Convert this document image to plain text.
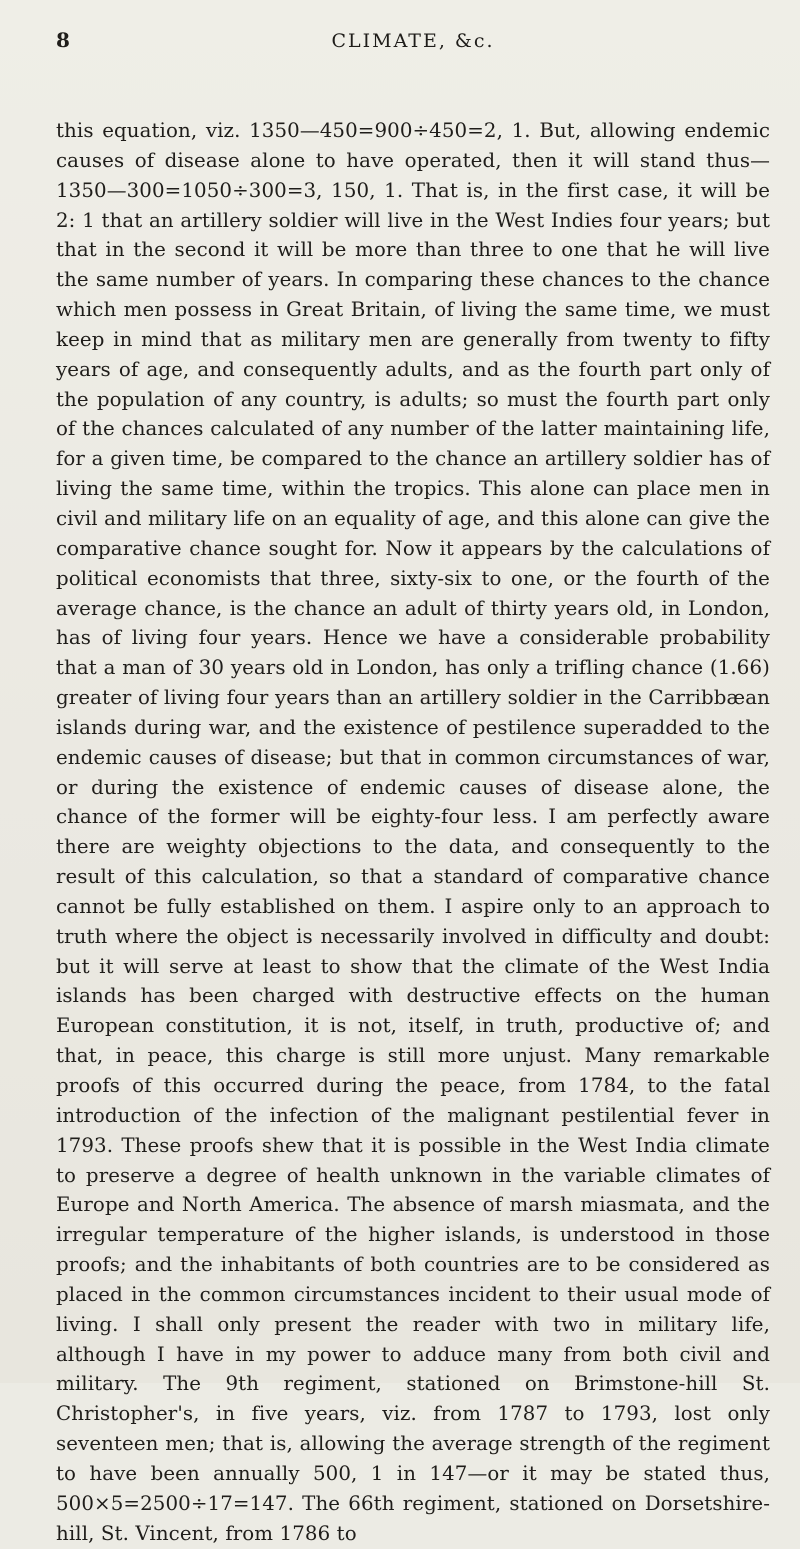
8	CLIMATE, &c.

this equation, viz. 1350—450=900÷450=2, 1. But, allowing endemic causes of disease alone to have operated, then it will stand thus—1350—300=1050÷300=3, 150, 1. That is, in the first case, it will be 2: 1 that an artillery soldier will live in the West Indies four years; but that in the second it will be more than three to one that he will live the same number of years. In comparing these chances to the chance which men possess in Great Britain, of living the same time, we must keep in mind that as military men are generally from twenty to fifty years of age, and consequently adults, and as the fourth part only of the population of any country, is adults; so must the fourth part only of the chances calculated of any number of the latter maintaining life, for a given time, be compared to the chance an artillery soldier has of living the same time, within the tropics. This alone can place men in civil and military life on an equality of age, and this alone can give the comparative chance sought for. Now it appears by the calculations of political economists that three, sixty-six to one, or the fourth of the average chance, is the chance an adult of thirty years old, in London, has of living four years. Hence we have a considerable probability that a man of 30 years old in London, has only a trifling chance (1.66) greater of living four years than an artillery soldier in the Carribbæan islands during war, and the existence of pestilence superadded to the endemic causes of disease; but that in common circumstances of war, or during the existence of endemic causes of disease alone, the chance of the former will be eighty-four less. I am perfectly aware there are weighty objections to the data, and consequently to the result of this calculation, so that a standard of comparative chance cannot be fully established on them. I aspire only to an approach to truth where the object is necessarily involved in difficulty and doubt: but it will serve at least to show that the climate of the West India islands has been charged with destructive effects on the human European constitution, it is not, itself, in truth, productive of; and that, in peace, this charge is still more unjust. Many remarkable proofs of this occurred during the peace, from 1784, to the fatal introduction of the infection of the malignant pestilential fever in 1793. These proofs shew that it is possible in the West India climate to preserve a degree of health unknown in the variable climates of Europe and North America. The absence of marsh miasmata, and the irregular temperature of the higher islands, is understood in those proofs; and the inhabitants of both countries are to be considered as placed in the common circumstances incident to their usual mode of living. I shall only present the reader with two in military life, although I have in my power to adduce many from both civil and military. The 9th regiment, stationed on Brimstone-hill St. Christopher's, in five years, viz. from 1787 to 1793, lost only seventeen men; that is, allowing the average strength of the regiment to have been annually 500, 1 in 147—or it may be stated thus, 500×5=2500÷17=147. The 66th regiment, stationed on Dorsetshire-hill, St. Vincent, from 1786 to
